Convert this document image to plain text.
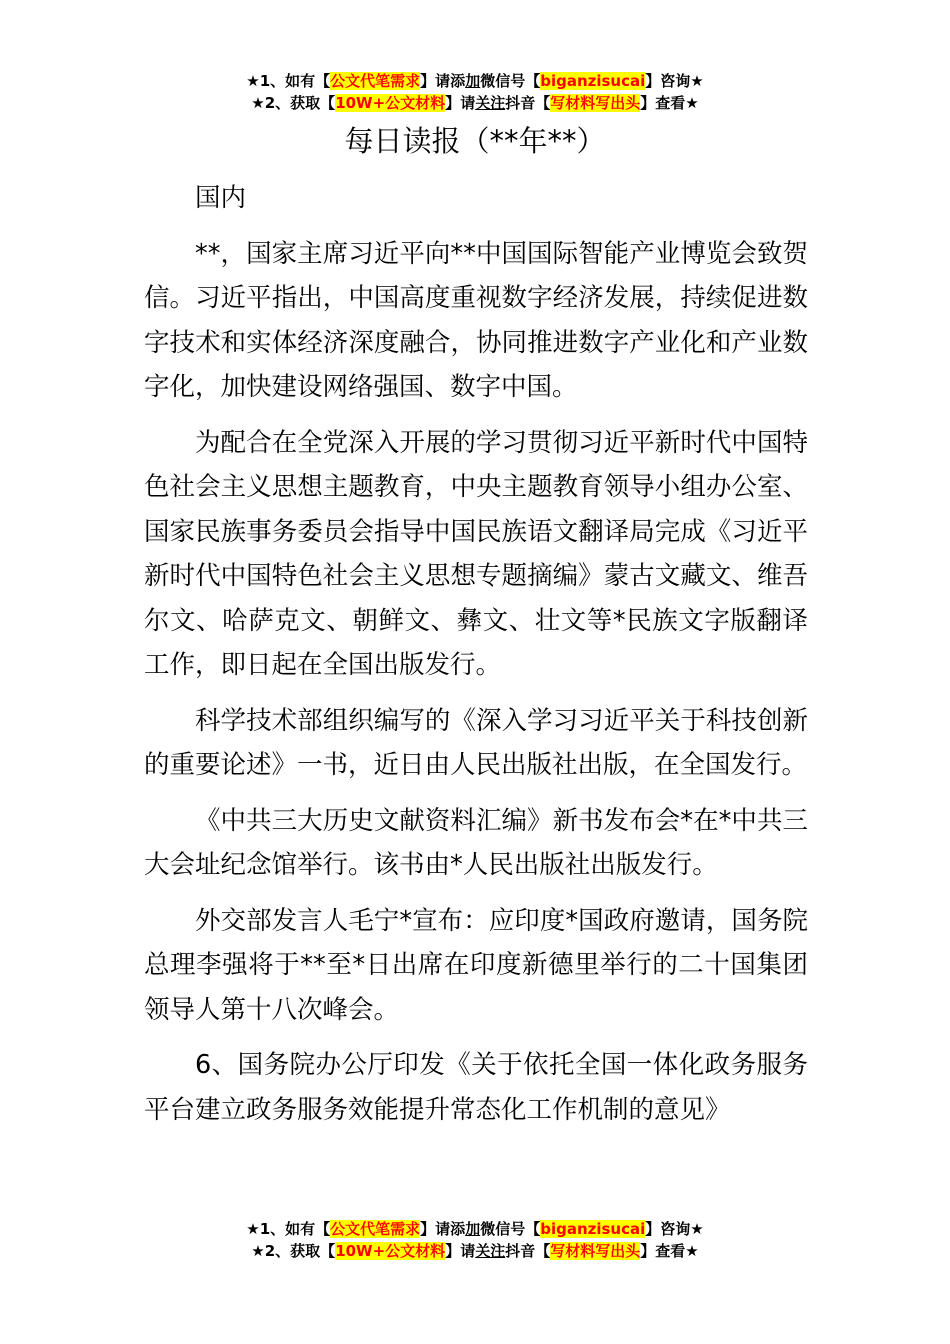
★1、如有【公文代笔需求】请添加微信号【biganzisucai】咨询★
★2、获取【10W+公文材料】请关注抖音【写材料写出头】查看★
每日读报（**年**）

国内

**，国家主席习近平向**中国国际智能产业博览会致贺信。习近平指出，中国高度重视数字经济发展，持续促进数字技术和实体经济深度融合，协同推进数字产业化和产业数字化，加快建设网络强国、数字中国。

为配合在全党深入开展的学习贯彻习近平新时代中国特色社会主义思想主题教育，中央主题教育领导小组办公室、国家民族事务委员会指导中国民族语文翻译局完成《习近平新时代中国特色社会主义思想专题摘编》蒙古文藏文、维吾尔文、哈萨克文、朝鲜文、彝文、壮文等*民族文字版翻译工作，即日起在全国出版发行。

科学技术部组织编写的《深入学习习近平关于科技创新的重要论述》一书，近日由人民出版社出版，在全国发行。

《中共三大历史文献资料汇编》新书发布会*在*中共三大会址纪念馆举行。该书由*人民出版社出版发行。

外交部发言人毛宁*宣布：应印度*国政府邀请，国务院总理李强将于**至*日出席在印度新德里举行的二十国集团领导人第十八次峰会。

6、国务院办公厅印发《关于依托全国一体化政务服务平台建立政务服务效能提升常态化工作机制的意见》

★1、如有【公文代笔需求】请添加微信号【biganzisucai】咨询★
★2、获取【10W+公文材料】请关注抖音【写材料写出头】查看★
